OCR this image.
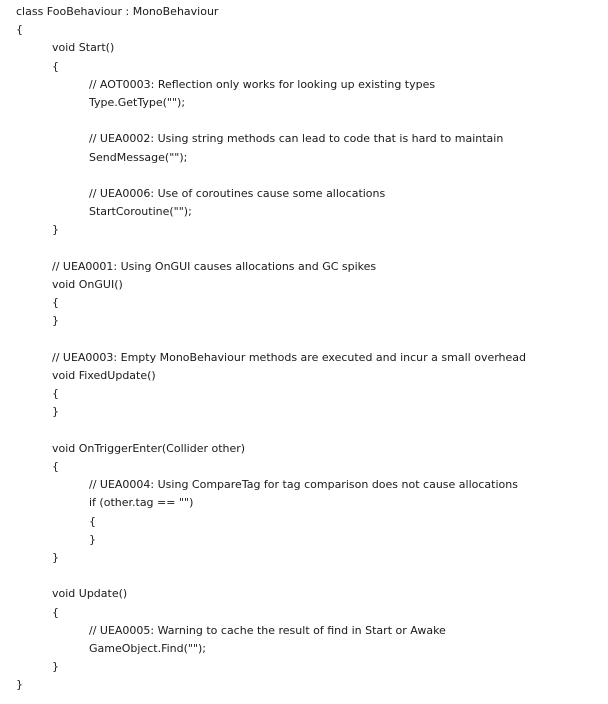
class FooBehaviour : MonoBehaviour
{
void Start()
{
// AOT0003: Reflection only works for looking up existing types
Type.GetType("");
// UEA0002: Using string methods can lead to code that is hard to maintain
SendMessage("");
// UEA0006: Use of coroutines cause some allocations
StartCoroutine("");
}
// UEA0001: Using OnGUI causes allocations and GC spikes
void OnGUI()
{
}
// UEA0003: Empty MonoBehaviour methods are executed and incur a small overhead
void FixedUpdate()
{
}
void OnTriggerEnter(Collider other)
{
// UEA0004: Using CompareTag for tag comparison does not cause allocations
if (other.tag == "")
{
}
}
void Update()
{
// UEA0005: Warning to cache the result of find in Start or Awake
GameObject.Find("");
}
}
